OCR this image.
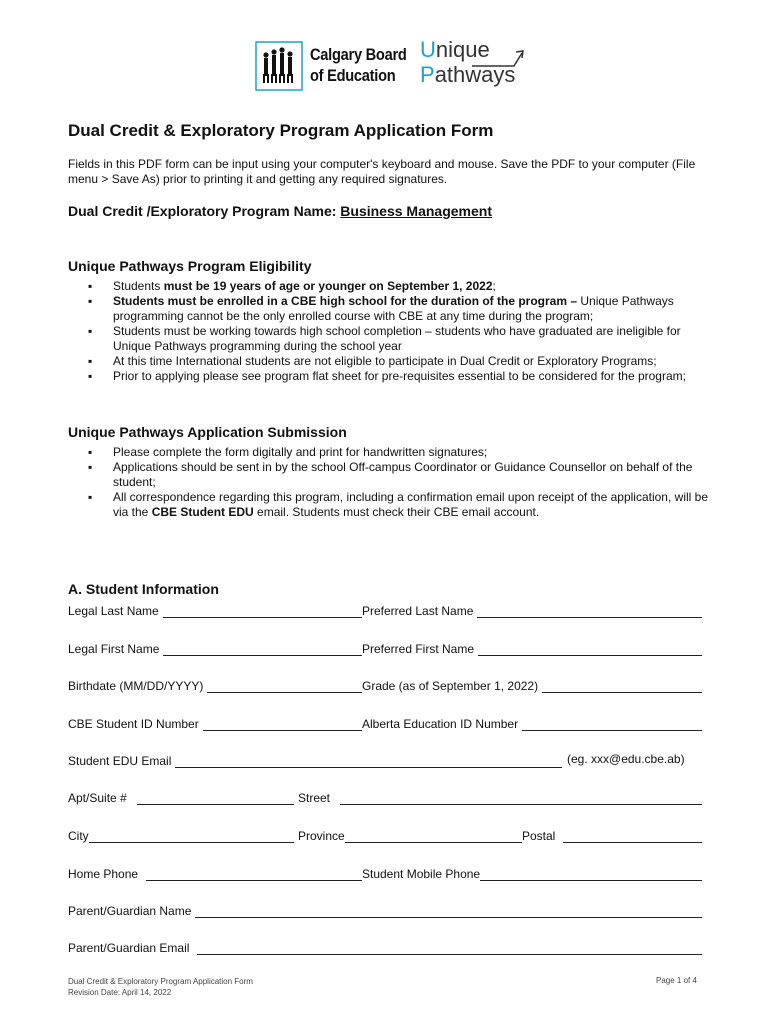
Calgary Board
of Education
Unique
Pathways
Dual Credit & Exploratory Program Application Form

Fields in this PDF form can be input using your computer's keyboard and mouse. Save the PDF to your computer (File menu > Save As) prior to printing it and getting any required signatures.

Dual Credit /Exploratory Program Name: Business Management
Unique Pathways Program Eligibility
▪ Students must be 19 years of age or younger on September 1, 2022;
▪ Students must be enrolled in a CBE high school for the duration of the program – Unique Pathways programming cannot be the only enrolled course with CBE at any time during the program;
▪ Students must be working towards high school completion – students who have graduated are ineligible for Unique Pathways programming during the school year
▪ At this time International students are not eligible to participate in Dual Credit or Exploratory Programs;
▪ Prior to applying please see program flat sheet for pre-requisites essential to be considered for the program;
Unique Pathways Application Submission
▪ Please complete the form digitally and print for handwritten signatures;
▪ Applications should be sent in by the school Off-campus Coordinator or Guidance Counsellor on behalf of the student;
▪ All correspondence regarding this program, including a confirmation email upon receipt of the application, will be via the CBE Student EDU email. Students must check their CBE email account.
A. Student Information
Legal Last Name	Preferred Last Name
Legal First Name	Preferred First Name
Birthdate (MM/DD/YYYY)	Grade (as of September 1, 2022)
CBE Student ID Number	Alberta Education ID Number
Student EDU Email	(eg. xxx@edu.cbe.ab)
Apt/Suite #	Street
City	Province	Postal
Home Phone	Student Mobile Phone
Parent/Guardian Name
Parent/Guardian Email
Dual Credit & Exploratory Program Application Form
Revision Date: April 14, 2022
Page 1 of 4
